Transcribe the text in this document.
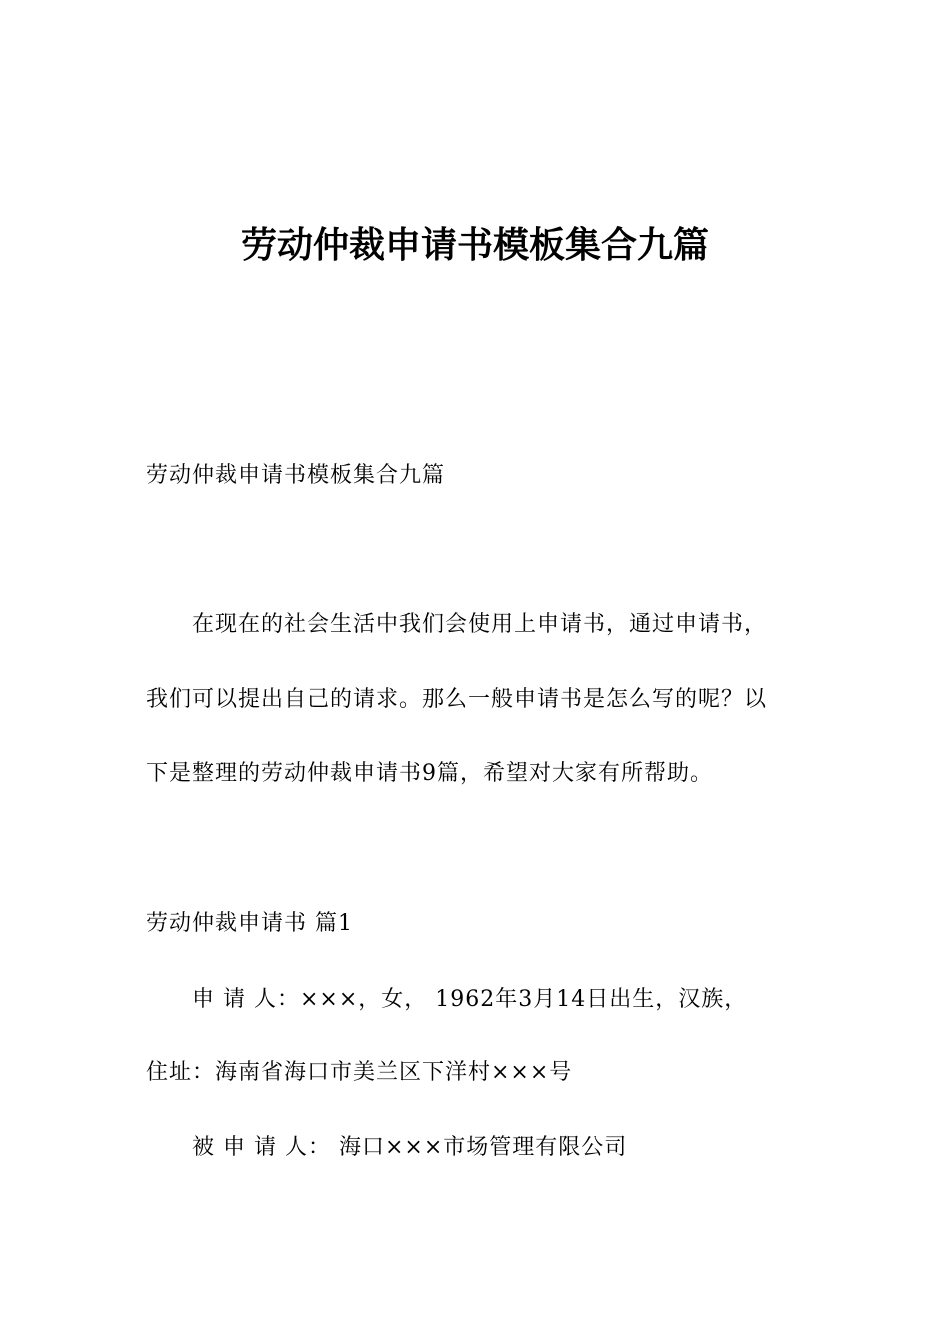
劳动仲裁申请书模板集合九篇

劳动仲裁申请书模板集合九篇

在现在的社会生活中我们会使用上申请书，通过申请书，

我们可以提出自己的请求。那么一般申请书是怎么写的呢？以

下是整理的劳动仲裁申请书9篇，希望对大家有所帮助。

劳动仲裁申请书 篇1

申 请 人：×××，女， 1962年3月14日出生，汉族，

住址：海南省海口市美兰区下洋村×××号

被 申 请 人： 海口×××市场管理有限公司
